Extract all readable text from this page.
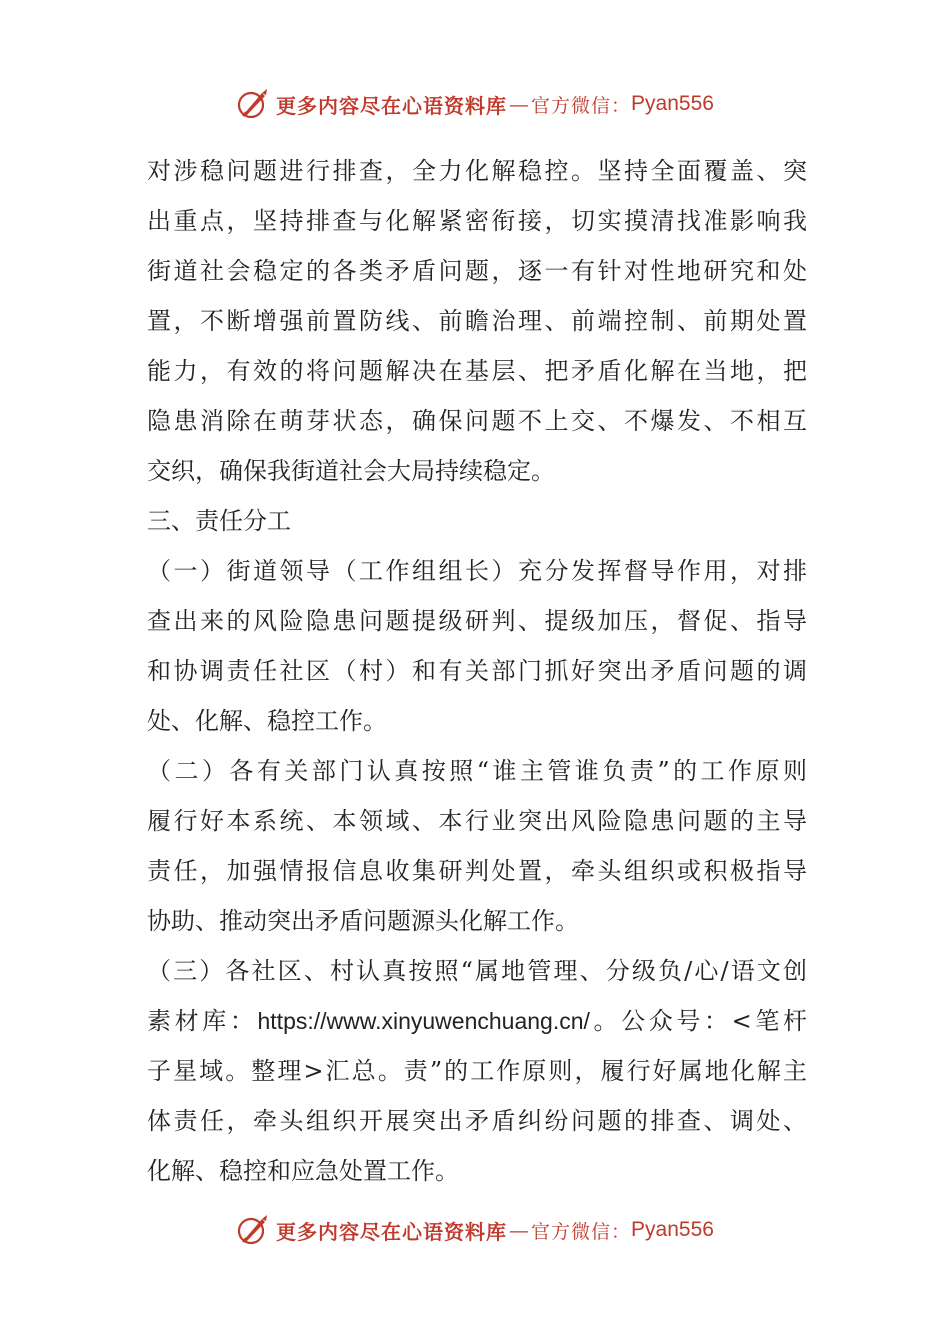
更多内容尽在心语资料库 — 官方微信： Pyan556
对涉稳问题进行排查，全力化解稳控。坚持全面覆盖、突
出重点，坚持排查与化解紧密衔接，切实摸清找准影响我
街道社会稳定的各类矛盾问题，逐一有针对性地研究和处
置，不断增强前置防线、前瞻治理、前端控制、前期处置
能力，有效的将问题解决在基层、把矛盾化解在当地，把
隐患消除在萌芽状态，确保问题不上交、不爆发、不相互
交织，确保我街道社会大局持续稳定。
三、责任分工
（一）街道领导（工作组组长）充分发挥督导作用，对排
查出来的风险隐患问题提级研判、提级加压，督促、指导
和协调责任社区（村）和有关部门抓好突出矛盾问题的调
处、化解、稳控工作。
（二）各有关部门认真按照“谁主管谁负责”的工作原则
履行好本系统、本领域、本行业突出风险隐患问题的主导
责任，加强情报信息收集研判处置，牵头组织或积极指导
协助、推动突出矛盾问题源头化解工作。
（三）各社区、村认真按照“属地管理、分级负/心/语文创
素材库：https://www.xinyuwenchuang.cn/。公众号：<笔杆
子星域。整理>汇总。责”的工作原则，履行好属地化解主
体责任，牵头组织开展突出矛盾纠纷问题的排查、调处、
化解、稳控和应急处置工作。
更多内容尽在心语资料库 — 官方微信： Pyan556
